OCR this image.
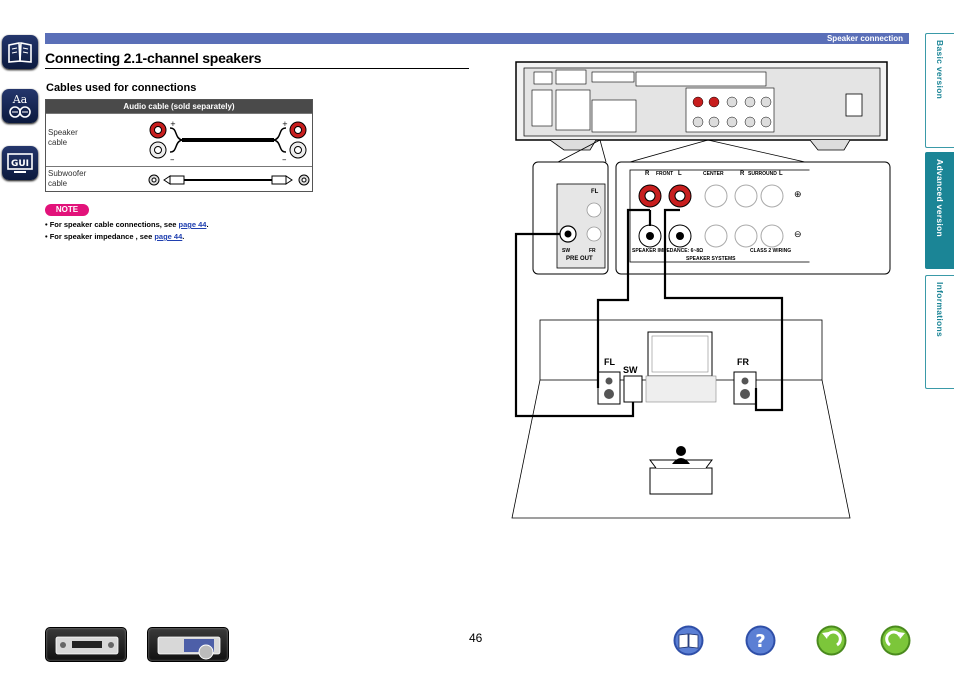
Speaker connection
Aa
GUI
Basic version
Advanced version
Informations
Connecting 2.1-channel speakers
Cables used for connections
Audio cable (sold separately)
Speaker cable
+
–
+
–
Subwoofer cable
NOTE
• For speaker cable connections, see page 44.
• For speaker impedance , see page 44.
FL
SW	FR
PRE OUT
R FRONT L	CENTER	R SURROUND L
⊕
⊖
SPEAKER IMPEDANCE: 6~8Ω	CLASS 2 WIRING
SPEAKER SYSTEMS
FL
SW
FR
46	?
